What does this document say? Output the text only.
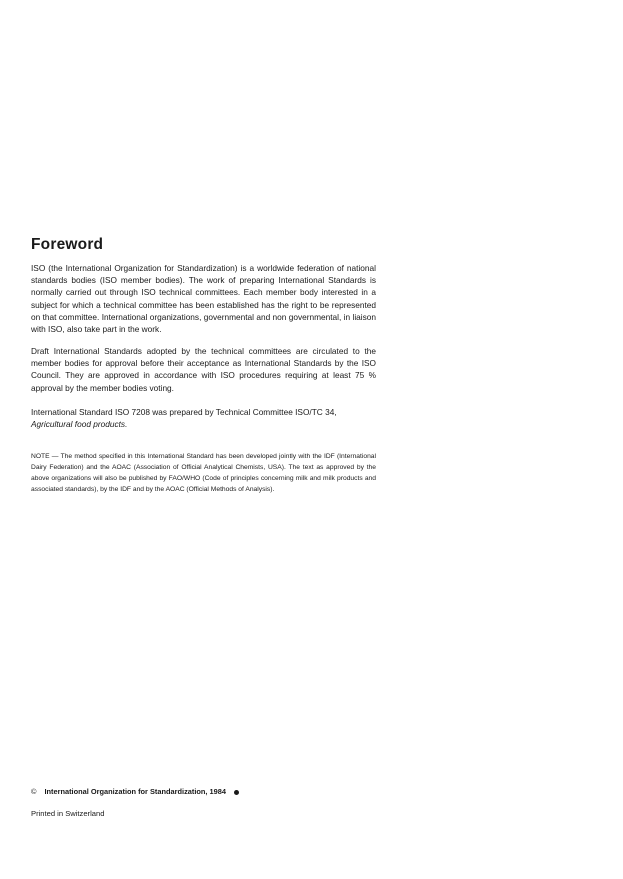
Foreword

ISO (the International Organization for Standardization) is a worldwide federation of national standards bodies (ISO member bodies). The work of preparing International Standards is normally carried out through ISO technical committees. Each member body interested in a subject for which a technical committee has been established has the right to be represented on that committee. International organizations, governmental and non governmental, in liaison with ISO, also take part in the work.

Draft International Standards adopted by the technical committees are circulated to the member bodies for approval before their acceptance as International Standards by the ISO Council. They are approved in accordance with ISO procedures requiring at least 75 % approval by the member bodies voting.

International Standard ISO 7208 was prepared by Technical Committee ISO/TC 34,
Agricultural food products.

NOTE — The method specified in this International Standard has been developed jointly with the IDF (International Dairy Federation) and the AOAC (Association of Official Analytical Chemists, USA). The text as approved by the above organizations will also be published by FAO/WHO (Code of principles concerning milk and milk products and associated standards), by the IDF and by the AOAC (Official Methods of Analysis).

© International Organization for Standardization, 1984
Printed in Switzerland
